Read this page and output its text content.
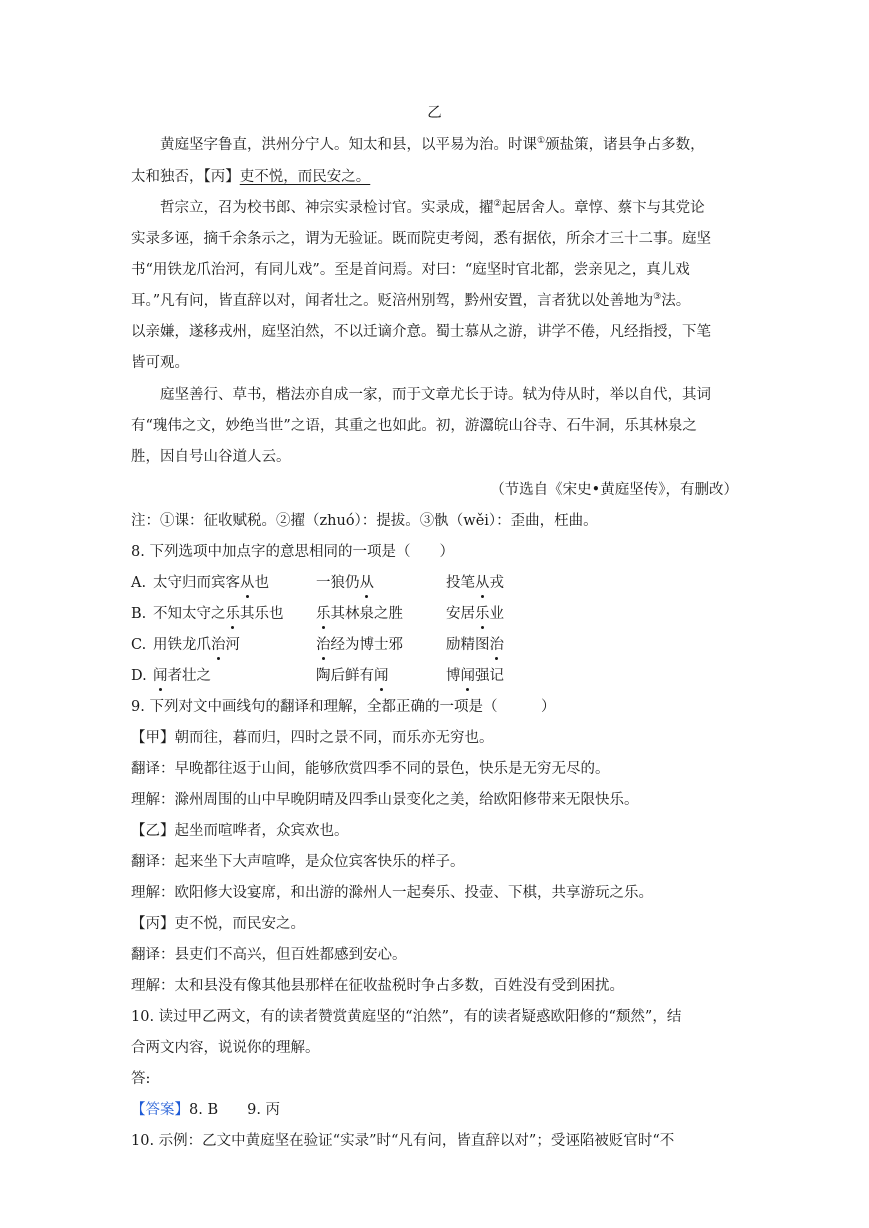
乙
黄庭坚字鲁直，洪州分宁人。知太和县，以平易为治。时课①颁盐策，诸县争占多数，
太和独否，【丙】吏不悦，而民安之。
哲宗立，召为校书郎、神宗实录检讨官。实录成，擢②起居舍人。章惇、蔡卞与其党论
实录多诬，摘千余条示之，谓为无验证。既而院吏考阅，悉有据依，所余才三十二事。庭坚
书“用铁龙爪治河，有同儿戏”。至是首问焉。对曰：“庭坚时官北都，尝亲见之，真儿戏
耳。”凡有问，皆直辞以对，闻者壮之。贬涪州别驾，黔州安置，言者犹以处善地为③法。
以亲嫌，遂移戎州，庭坚泊然，不以迁谪介意。蜀士慕从之游，讲学不倦，凡经指授，下笔
皆可观。
庭坚善行、草书，楷法亦自成一家，而于文章尤长于诗。轼为侍从时，举以自代，其词
有“瑰伟之文，妙绝当世”之语，其重之也如此。初，游灊皖山谷寺、石牛洞，乐其林泉之
胜，因自号山谷道人云。
（节选自《宋史•黄庭坚传》，有删改）
注：①课：征收赋税。②擢（zhuó）：提拔。③骫（wěi）：歪曲，枉曲。
8. 下列选项中加点字的意思相同的一项是（　　）
A. 太守归而宾客从也	一狼仍从	投笔从戎
B. 不知太守之乐其乐也 乐其林泉之胜	安居乐业
C. 用铁龙爪治河	治经为博士邪	励精图治
D. 闻者壮之	陶后鲜有闻	博闻强记
9. 下列对文中画线句的翻译和理解，全都正确的一项是（　　　）
【甲】朝而往，暮而归，四时之景不同，而乐亦无穷也。
翻译：早晚都往返于山间，能够欣赏四季不同的景色，快乐是无穷无尽的。
理解：滁州周围的山中早晚阴晴及四季山景变化之美，给欧阳修带来无限快乐。
【乙】起坐而喧哗者，众宾欢也。
翻译：起来坐下大声喧哗，是众位宾客快乐的样子。
理解：欧阳修大设宴席，和出游的滁州人一起奏乐、投壶、下棋，共享游玩之乐。
【丙】吏不悦，而民安之。
翻译：县吏们不高兴，但百姓都感到安心。
理解：太和县没有像其他县那样在征收盐税时争占多数，百姓没有受到困扰。
10. 读过甲乙两文，有的读者赞赏黄庭坚的“泊然”，有的读者疑惑欧阳修的“颓然”，结
合两文内容，说说你的理解。
答:
【答案】8. B　　9. 丙
10. 示例：乙文中黄庭坚在验证“实录”时“凡有问，皆直辞以对”；受诬陷被贬官时“不
